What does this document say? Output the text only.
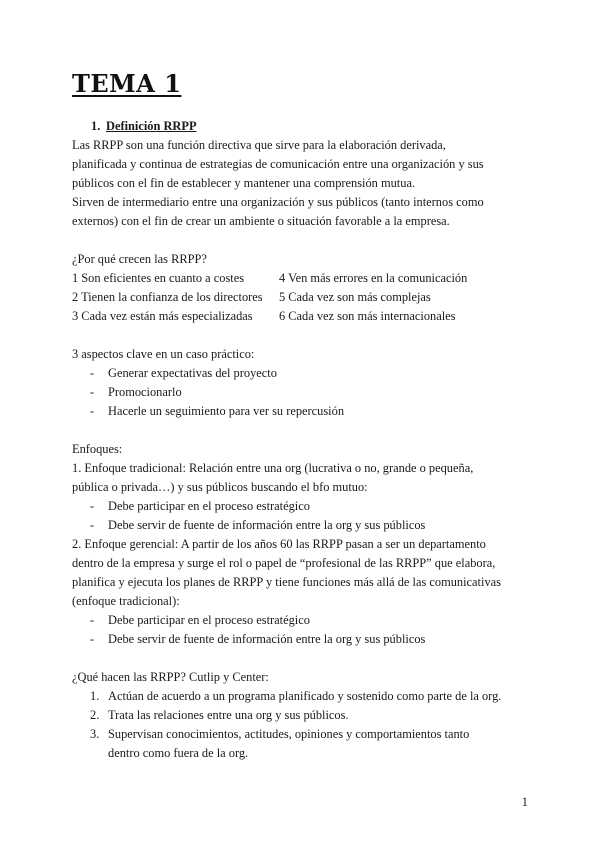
TEMA 1
1. Definición RRPP
Las RRPP son una función directiva que sirve para la elaboración derivada,
planificada y continua de estrategias de comunicación entre una organización y sus
públicos con el fin de establecer y mantener una comprensión mutua.
Sirven de intermediario entre una organización y sus públicos (tanto internos como
externos) con el fin de crear un ambiente o situación favorable a la empresa.
¿Por qué crecen las RRPP?
1 Son eficientes en cuanto a costes	4 Ven más errores en la comunicación
2 Tienen la confianza de los directores 5 Cada vez son más complejas
3 Cada vez están más especializadas 6 Cada vez son más internacionales
3 aspectos clave en un caso práctico:
- Generar expectativas del proyecto
- Promocionarlo
- Hacerle un seguimiento para ver su repercusión
Enfoques:
1. Enfoque tradicional: Relación entre una org (lucrativa o no, grande o pequeña,
pública o privada…) y sus públicos buscando el bfo mutuo:
- Debe participar en el proceso estratégico
- Debe servir de fuente de información entre la org y sus públicos
2. Enfoque gerencial: A partir de los años 60 las RRPP pasan a ser un departamento
dentro de la empresa y surge el rol o papel de “profesional de las RRPP” que elabora,
planifica y ejecuta los planes de RRPP y tiene funciones más allá de las comunicativas
(enfoque tradicional):
- Debe participar en el proceso estratégico
- Debe servir de fuente de información entre la org y sus públicos
¿Qué hacen las RRPP? Cutlip y Center:
1. Actúan de acuerdo a un programa planificado y sostenido como parte de la org.
2. Trata las relaciones entre una org y sus públicos.
3. Supervisan conocimientos, actitudes, opiniones y comportamientos tanto
dentro como fuera de la org.
1
